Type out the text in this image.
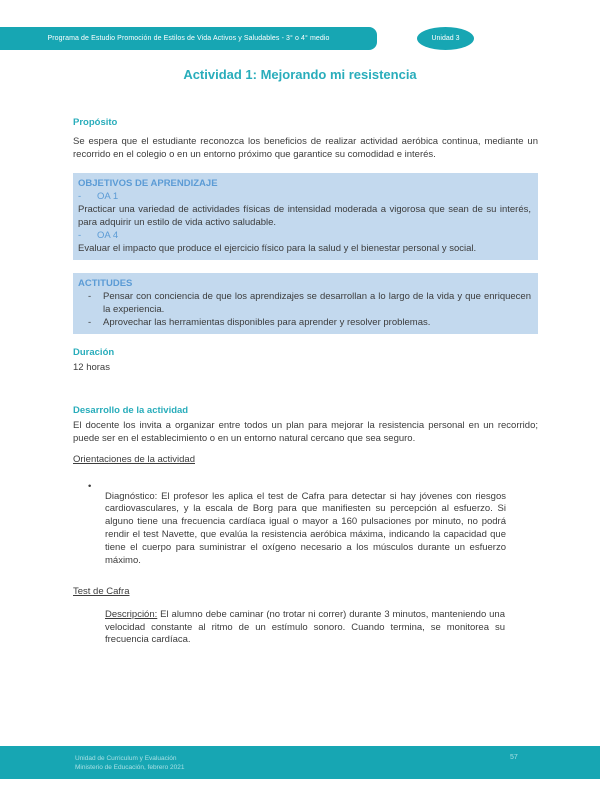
Programa de Estudio Promoción de Estilos de Vida Activos y Saludables - 3° o 4° medio	Unidad 3
Actividad 1: Mejorando mi resistencia
Propósito

Se espera que el estudiante reconozca los beneficios de realizar actividad aeróbica continua, mediante un recorrido en el colegio o en un entorno próximo que garantice su comodidad e interés.

OBJETIVOS DE APRENDIZAJE
-	OA 1

Practicar una variedad de actividades físicas de intensidad moderada a vigorosa que sean de su interés, para adquirir un estilo de vida activo saludable.

-	OA 4

Evaluar el impacto que produce el ejercicio físico para la salud y el bienestar personal y social.

ACTITUDES
-	Pensar con conciencia de que los aprendizajes se desarrollan a lo largo de la vida y que enriquecen la experiencia.

-	Aprovechar las herramientas disponibles para aprender y resolver problemas.

Duración

12 horas

Desarrollo de la actividad

El docente los invita a organizar entre todos un plan para mejorar la resistencia personal en un recorrido; puede ser en el establecimiento o en un entorno natural cercano que sea seguro.

Orientaciones de la actividad
•

Diagnóstico: El profesor les aplica el test de Cafra para detectar si hay jóvenes con riesgos cardiovasculares, y la escala de Borg para que manifiesten su percepción al esfuerzo. Si alguno tiene una frecuencia cardíaca igual o mayor a 160 pulsaciones por minuto, no podrá rendir el test Navette, que evalúa la resistencia aeróbica máxima, indicando la capacidad que tiene el cuerpo para suministrar el oxígeno necesario a los músculos durante un esfuerzo máximo.

Test de Cafra

Descripción: El alumno debe caminar (no trotar ni correr) durante 3 minutos, manteniendo una velocidad constante al ritmo de un estímulo sonoro. Cuando termina, se monitorea su frecuencia cardíaca.

Unidad de Curriculum y Evaluación
Ministerio de Educación, febrero 2021
57
